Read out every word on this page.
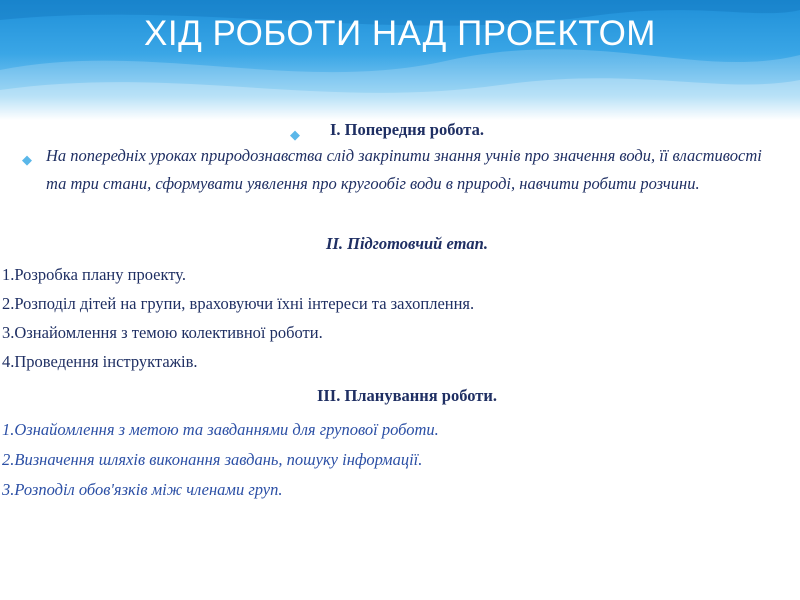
ХІД РОБОТИ НАД ПРОЕКТОМ
◆	І. Попередня робота.
◆ На попередніх уроках природознавства слід закріпити знання учнів про значення води, її властивості та три стани, сформувати уявлення про кругообіг води в природі, навчити робити розчини.
ІІ. Підготовчий етап.
1.Розробка плану проекту.
2.Розподіл дітей на групи, враховуючи їхні інтереси та захоплення.
3.Ознайомлення з темою колективної роботи.
4.Проведення інструктажів.
ІІІ. Планування роботи.
1.Ознайомлення з метою та завданнями для групової роботи.
2.Визначення шляхів виконання завдань, пошуку інформації.
3.Розподіл обов'язків між членами груп.
